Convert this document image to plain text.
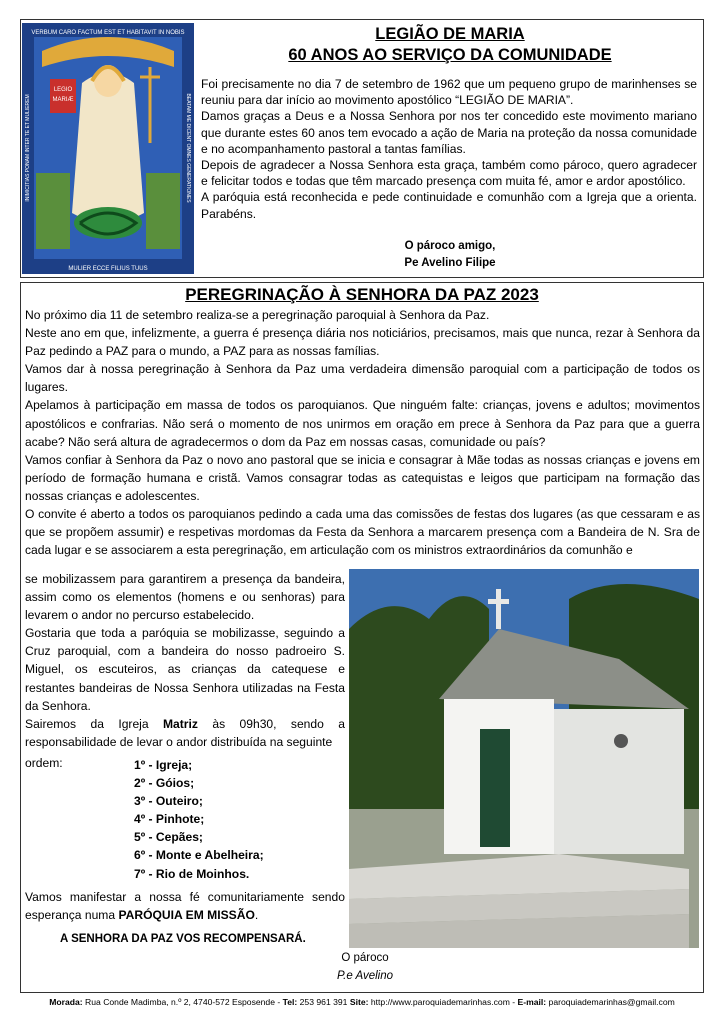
LEGIO
MARIÆ
VERBUM CARO FACTUM EST ET HABITAVIT IN NOBIS
MULIER ECCE FILIUS TUUS
INIMICITIAS PONAM INTER TE ET MULIEREM	BEATAM ME DICENT OMNES GENERATIONES
LEGIÃO DE MARIA
60 ANOS AO SERVIÇO DA COMUNIDADE

Foi precisamente no dia 7 de setembro de 1962 que um pequeno grupo de marinhenses se reuniu para dar início ao movimento apostólico “LEGIÃO DE MARIA”.

Damos graças a Deus e a Nossa Senhora por nos ter concedido este movimento mariano que durante estes 60 anos tem evocado a ação de Maria na proteção da nossa comunidade e no acompanhamento pastoral a tantas famílias.

Depois de agradecer a Nossa Senhora esta graça, também como pároco, quero agradecer e felicitar todos e todas que têm marcado presença com muita fé, amor e ardor apostólico.

A paróquia está reconhecida e pede continuidade e comunhão com a Igreja que a orienta. Parabéns.

O pároco amigo,
Pe Avelino Filipe
PEREGRINAÇÃO À SENHORA DA PAZ 2023

No próximo dia 11 de setembro realiza-se a peregrinação paroquial à Senhora da Paz.

Neste ano em que, infelizmente, a guerra é presença diária nos noticiários, precisamos, mais que nunca, rezar à Senhora da Paz pedindo a PAZ para o mundo, a PAZ para as nossas famílias.

Vamos dar à nossa peregrinação à Senhora da Paz uma verdadeira dimensão paroquial com a participação de todos os lugares.

Apelamos à participação em massa de todos os paroquianos. Que ninguém falte: crianças, jovens e adultos; movimentos apostólicos e confrarias. Não será o momento de nos unirmos em oração em prece à Senhora da Paz para que a guerra acabe? Não será altura de agradecermos o dom da Paz em nossas casas, comunidade ou país?

Vamos confiar à Senhora da Paz o novo ano pastoral que se inicia e consagrar à Mãe todas as nossas crianças e jovens em período de formação humana e cristã. Vamos consagrar todas as catequistas e leigos que participam na formação das nossas crianças e adolescentes.

O convite é aberto a todos os paroquianos pedindo a cada uma das comissões de festas dos lugares (as que cessaram e as que se propõem assumir) e respetivas mordomas da Festa da Senhora a marcarem presença com a Bandeira de N. Sra de cada lugar e se associarem a esta peregrinação, em articulação com os ministros extraordinários da comunhão e

se mobilizassem para garantirem a presença da bandeira, assim como os elementos (homens e ou senhoras) para levarem o andor no percurso estabelecido.

Gostaria que toda a paróquia se mobilizasse, seguindo a Cruz paroquial, com a bandeira do nosso padroeiro S. Miguel, os escuteiros, as crianças da catequese e restantes bandeiras de Nossa Senhora utilizadas na Festa da Senhora.

Sairemos da Igreja Matriz às 09h30, sendo a responsabilidade de levar o andor distribuída na seguinte

ordem:	1º - Igreja;
2º - Góios;
3º - Outeiro;
4º - Pinhote;
5º - Cepães;
6º - Monte e Abelheira;
7º - Rio de Moinhos.
Vamos manifestar a nossa fé comunitariamente sendo esperança numa PARÓQUIA EM MISSÃO.
A SENHORA DA PAZ VOS RECOMPENSARÁ.
O pároco
P.e Avelino
Morada: Rua Conde Madimba, n.º 2, 4740-572 Esposende - Tel: 253 961 391 Site: http://www.paroquiademarinhas.com - E-mail: paroquiademarinhas@gmail.com
